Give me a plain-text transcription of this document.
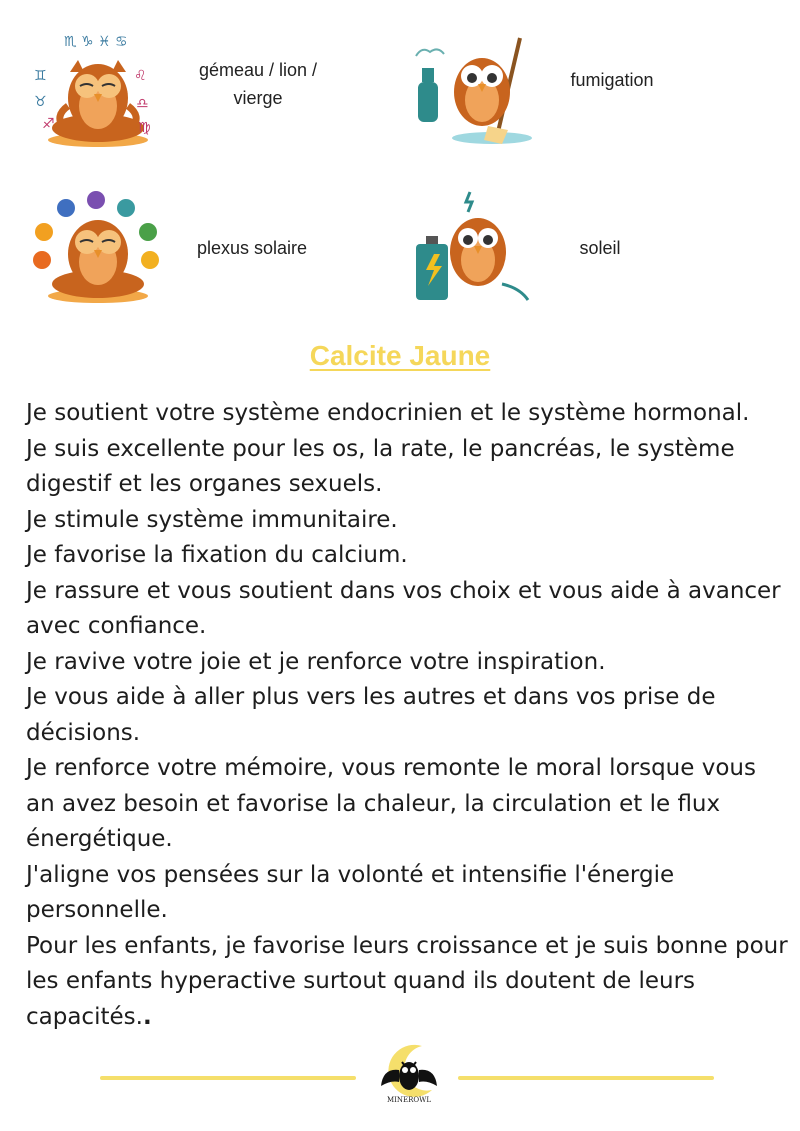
♏ ♑ ♓ ♋
♊	♌
♉	♎
♐	♍
gémeau / lion / vierge
fumigation
plexus solaire	soleil
Calcite Jaune

Je soutient votre système endocrinien et le système hormonal.

Je suis excellente pour les os, la rate, le pancréas, le système digestif et les organes sexuels.

Je stimule système immunitaire.

Je favorise la fixation du calcium.

Je rassure et vous soutient dans vos choix et vous aide à avancer avec confiance.

Je ravive votre joie et je renforce votre inspiration.

Je vous aide à aller plus vers les autres et dans vos prise de décisions.

Je renforce votre mémoire, vous remonte le moral lorsque vous an avez besoin et favorise la chaleur, la circulation et le flux énergétique.

J'aligne vos pensées sur la volonté et intensifie l'énergie personnelle.

Pour les enfants, je favorise leurs croissance et je suis bonne pour les enfants hyperactive surtout quand ils doutent de leurs capacités..

MINEROWL
